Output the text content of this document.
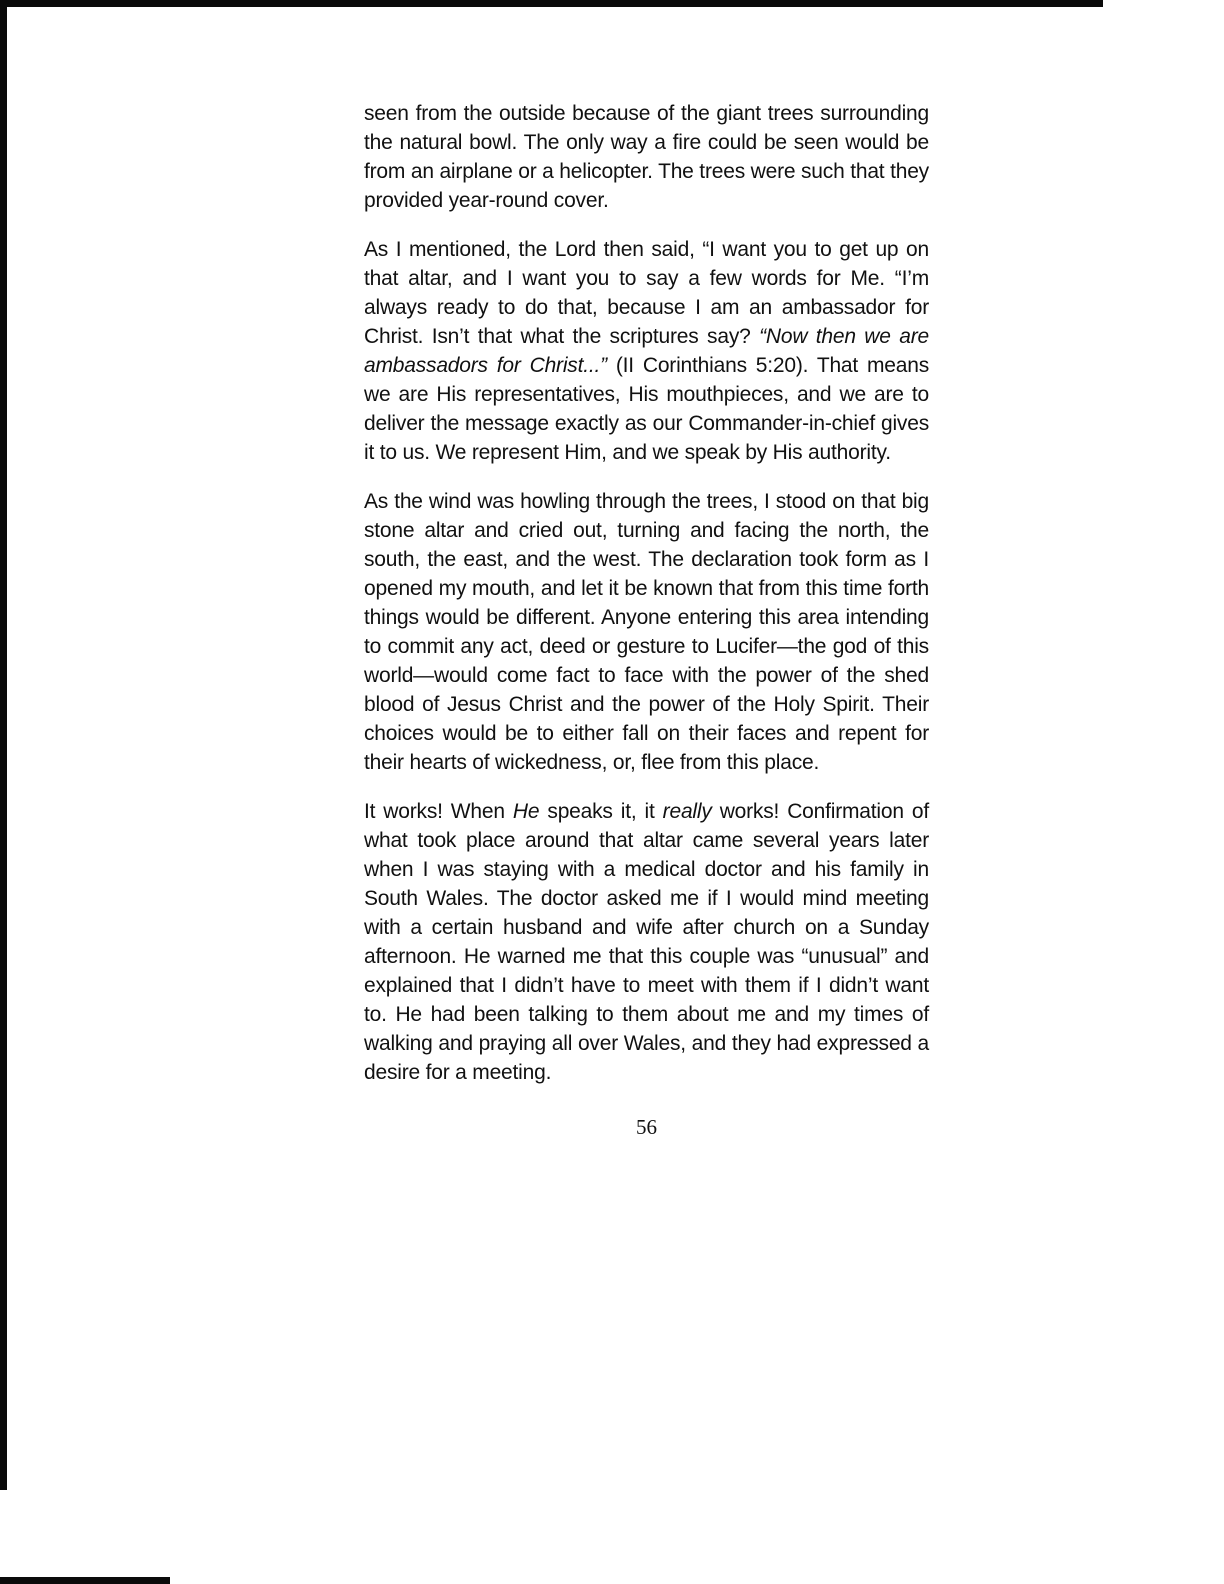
seen from the outside because of the giant trees surrounding the natural bowl. The only way a fire could be seen would be from an airplane or a helicopter. The trees were such that they provided year-round cover.

As I mentioned, the Lord then said, “I want you to get up on that altar, and I want you to say a few words for Me. “I’m always ready to do that, because I am an ambassador for Christ. Isn’t that what the scriptures say? “Now then we are ambassadors for Christ...” (II Corinthians 5:20). That means we are His representatives, His mouthpieces, and we are to deliver the message exactly as our Commander-in-chief gives it to us. We represent Him, and we speak by His authority.

As the wind was howling through the trees, I stood on that big stone altar and cried out, turning and facing the north, the south, the east, and the west. The declaration took form as I opened my mouth, and let it be known that from this time forth things would be different. Anyone entering this area intending to commit any act, deed or gesture to Lucifer—the god of this world—would come fact to face with the power of the shed blood of Jesus Christ and the power of the Holy Spirit. Their choices would be to either fall on their faces and repent for their hearts of wickedness, or, flee from this place.

It works! When He speaks it, it really works! Confirmation of what took place around that altar came several years later when I was staying with a medical doctor and his family in South Wales. The doctor asked me if I would mind meeting with a certain husband and wife after church on a Sunday afternoon. He warned me that this couple was “unusual” and explained that I didn’t have to meet with them if I didn’t want to. He had been talking to them about me and my times of walking and praying all over Wales, and they had expressed a desire for a meeting.

56
